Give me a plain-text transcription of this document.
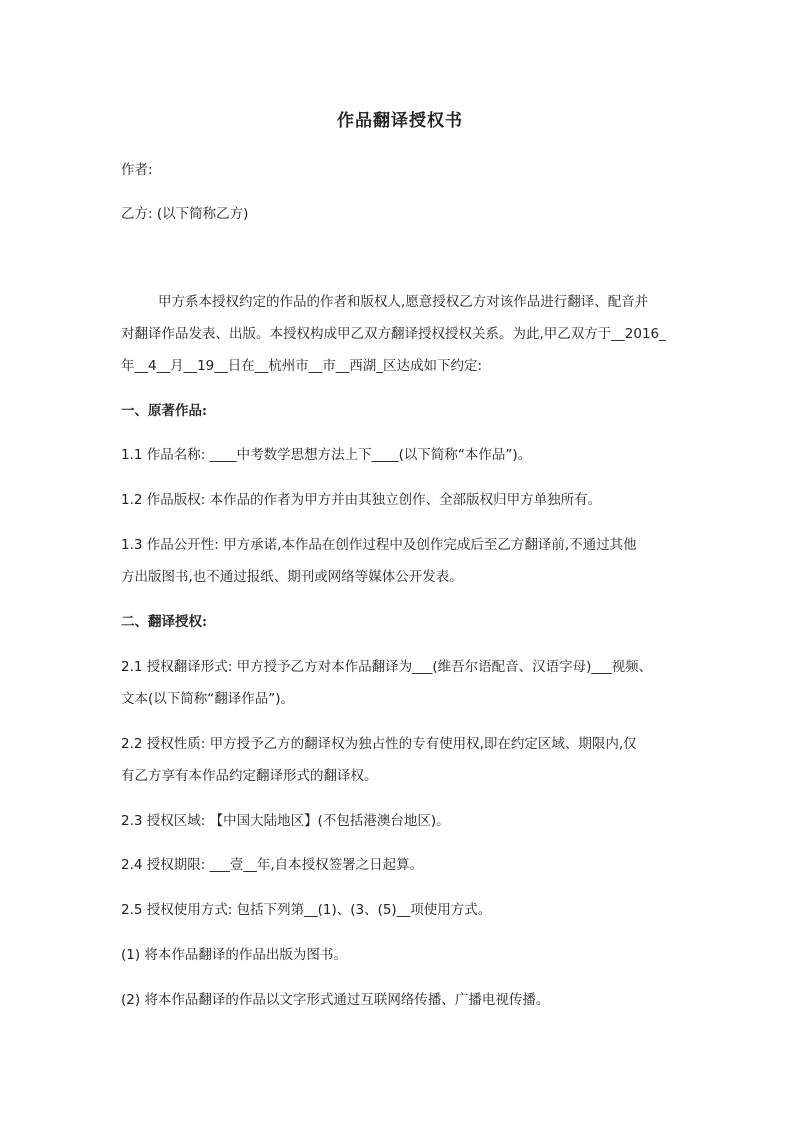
作品翻译授权书
作者:
乙方: (以下简称乙方)
甲方系本授权约定的作品的作者和版权人,愿意授权乙方对该作品进行翻译、配音并
对翻译作品发表、出版。本授权构成甲乙双方翻译授权授权关系。为此,甲乙双方于__2016_
年__4__月__19__日在__杭州市__市__西湖_区达成如下约定:
一、原著作品:
1.1 作品名称: ____中考数学思想方法上下____(以下简称“本作品”)。
1.2 作品版权: 本作品的作者为甲方并由其独立创作、全部版权归甲方单独所有。
1.3 作品公开性: 甲方承诺,本作品在创作过程中及创作完成后至乙方翻译前,不通过其他
方出版图书,也不通过报纸、期刊或网络等媒体公开发表。
二、翻译授权:
2.1 授权翻译形式: 甲方授予乙方对本作品翻译为___(维吾尔语配音、汉语字母)___视频、
文本(以下简称“翻译作品”)。
2.2 授权性质: 甲方授予乙方的翻译权为独占性的专有使用权,即在约定区域、期限内,仅
有乙方享有本作品约定翻译形式的翻译权。
2.3 授权区域: 【中国大陆地区】(不包括港澳台地区)。
2.4 授权期限: ___壹__年,自本授权签署之日起算。
2.5 授权使用方式: 包括下列第__(1)、(3、(5)__项使用方式。
(1) 将本作品翻译的作品出版为图书。
(2) 将本作品翻译的作品以文字形式通过互联网络传播、广播电视传播。
